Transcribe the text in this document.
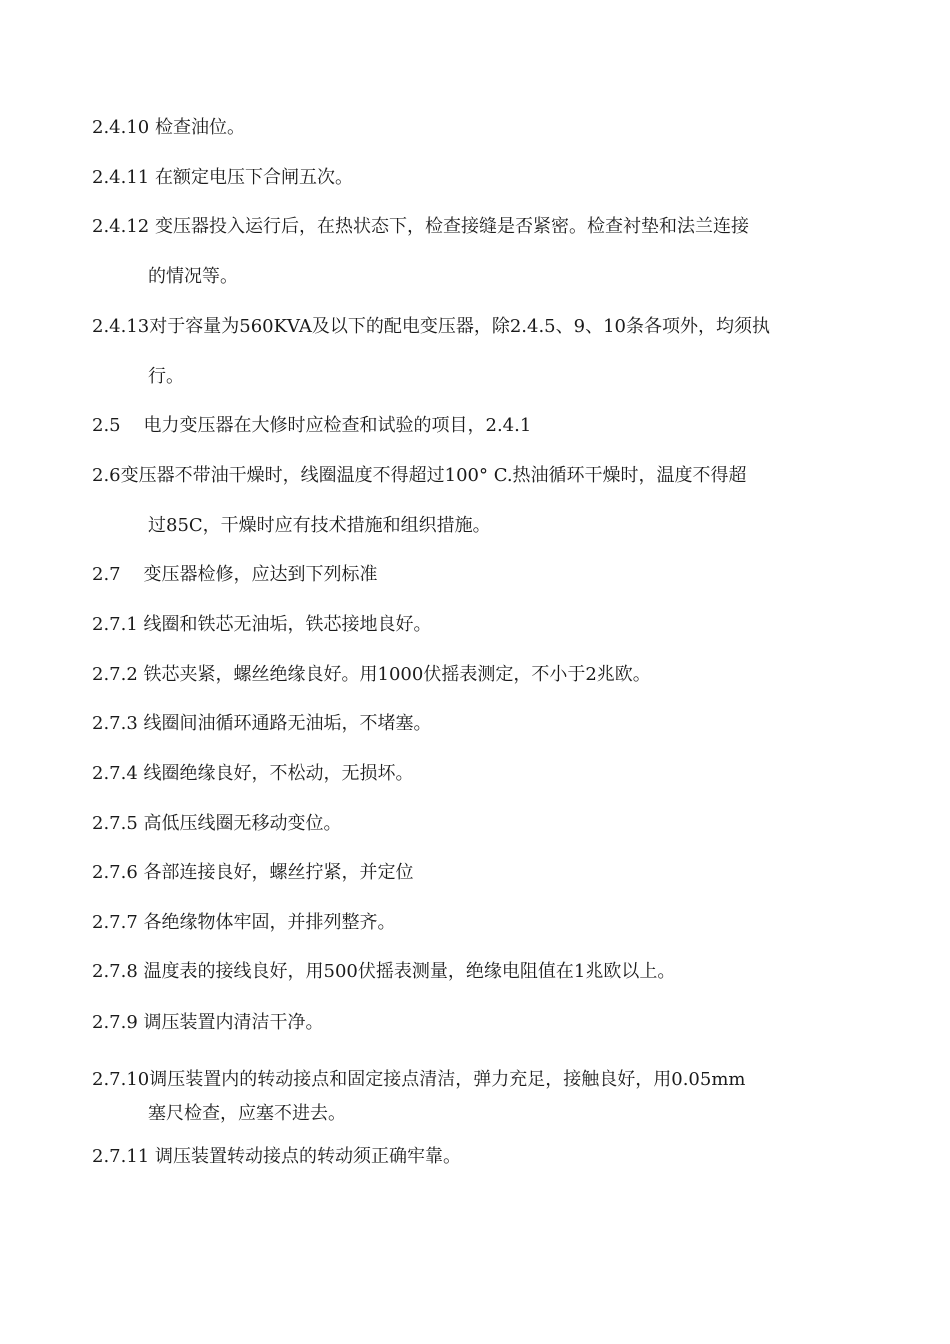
2.4.10 检查油位。
2.4.11 在额定电压下合闸五次。
2.4.12 变压器投入运行后，在热状态下，检查接缝是否紧密。检查衬垫和法兰连接
的情况等。
2.4.13对于容量为560KVA及以下的配电变压器，除2.4.5、9、10条各项外，均须执
行。
2.5    电力变压器在大修时应检查和试验的项目，2.4.1
2.6变压器不带油干燥时，线圈温度不得超过100° C.热油循环干燥时，温度不得超
过85C，干燥时应有技术措施和组织措施。
2.7    变压器检修，应达到下列标准
2.7.1 线圈和铁芯无油垢，铁芯接地良好。
2.7.2 铁芯夹紧，螺丝绝缘良好。用1000伏摇表测定，不小于2兆欧。
2.7.3 线圈间油循环通路无油垢，不堵塞。
2.7.4 线圈绝缘良好，不松动，无损坏。
2.7.5 高低压线圈无移动变位。
2.7.6 各部连接良好，螺丝拧紧，并定位
2.7.7 各绝缘物体牢固，并排列整齐。
2.7.8 温度表的接线良好，用500伏摇表测量，绝缘电阻值在1兆欧以上。
2.7.9 调压装置内清洁干净。
2.7.10调压装置内的转动接点和固定接点清洁，弹力充足，接触良好，用0.05mm
塞尺检查，应塞不进去。
2.7.11 调压装置转动接点的转动须正确牢靠。
